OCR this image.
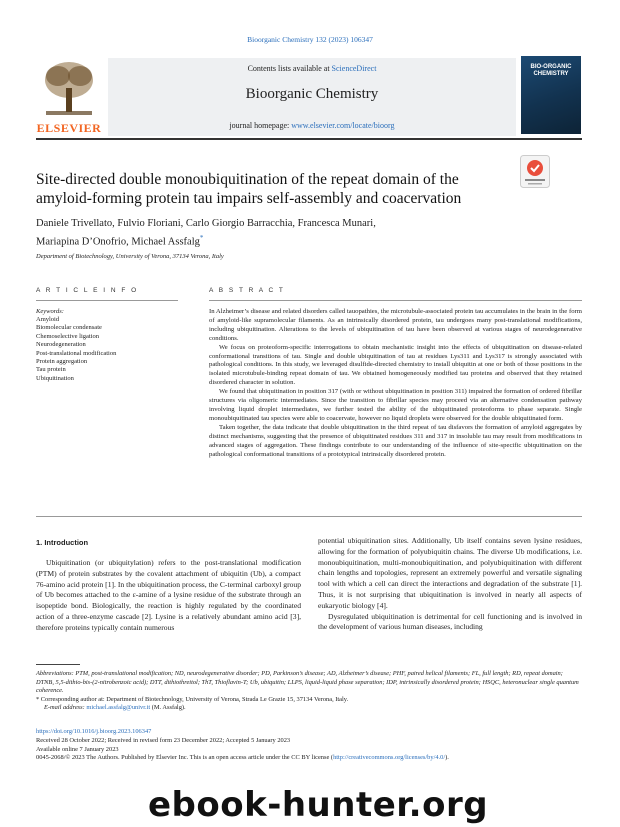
Bioorganic Chemistry 132 (2023) 106347
ELSEVIER
Contents lists available at ScienceDirect
Bioorganic Chemistry
journal homepage: www.elsevier.com/locate/bioorg
BIO-ORGANIC CHEMISTRY
Site-directed double monoubiquitination of the repeat domain of the amyloid-forming protein tau impairs self-assembly and coacervation
Daniele Trivellato, Fulvio Floriani, Carlo Giorgio Barracchia, Francesca Munari,
Mariapina D’Onofrio, Michael Assfalg*
Department of Biotechnology, University of Verona, 37134 Verona, Italy
A R T I C L E I N F O	A B S T R A C T
Keywords:
Amyloid
Biomolecular condensate
Chemoselective ligation
Neurodegeneration
Post-translational modification
Protein aggregation
Tau protein
Ubiquitination

In Alzheimer’s disease and related disorders called tauopathies, the microtubule-associated protein tau accumulates in the brain in the form of amyloid-like supramolecular filaments. As an intrinsically disordered protein, tau undergoes many post-translational modifications, including ubiquitination. Alterations to the levels of ubiquitination of tau have been observed at various stages of neurodegenerative conditions.

We focus on proteoform-specific interrogations to obtain mechanistic insight into the effects of ubiquitination on disease-related conformational transitions of tau. Single and double ubiquitination of tau at residues Lys311 and Lys317 is strongly associated with pathological conditions. In this study, we leveraged disulfide-directed chemistry to install ubiquitin at one or both of those positions in the isolated microtubule-binding repeat domain of tau. We obtained homogeneously modified tau proteins and observed that they retained disordered character in solution.

We found that ubiquitination in position 317 (with or without ubiquitination in position 311) impaired the formation of ordered fibrillar structures via oligomeric intermediates. Since the transition to fibrillar species may proceed via an alternative condensation pathway involving liquid droplet intermediates, we further tested the ability of the ubiquitinated proteoforms to phase separate. Single monoubiquitinated tau species were able to coacervate, however no liquid droplets were observed for the double ubiquitinated form.

Taken together, the data indicate that double ubiquitination in the third repeat of tau disfavors the formation of amyloid aggregates by distinct mechanisms, suggesting that the presence of ubiquitinated residues 311 and 317 in insoluble tau may result from modifications in advanced stages of aggregation. These findings contribute to our understanding of the influence of site-specific ubiquitination on the pathological conformational transitions of a prototypical intrinsically disordered protein.

1. Introduction

Ubiquitination (or ubiquitylation) refers to the post-translational modification (PTM) of protein substrates by the covalent attachment of ubiquitin (Ub), a compact 76-amino acid protein [1]. In the ubiquitination process, the C-terminal carboxyl group of Ub becomes attached to the ε-amine of a lysine residue of the substrate through an isopeptide bond. Biologically, the reaction is highly regulated by the coordinated action of a three-enzyme cascade [2]. Lysine is a relatively abundant amino acid [3], therefore proteins typically contain numerous

potential ubiquitination sites. Additionally, Ub itself contains seven lysine residues, allowing for the formation of polyubiquitin chains. The diverse Ub modifications, i.e. monoubiquitination, multi-monoubiquitination, and polyubiquitination with different chain lengths and topologies, represent an extremely powerful and versatile signaling tool with which a cell can direct the interactions and degradation of the substrate [1]. Thus, it is not surprising that ubiquitination is involved in nearly all aspects of eukaryotic biology [4].

Dysregulated ubiquitination is detrimental for cell functioning and is involved in the development of various human diseases, including

Abbreviations: PTM, post-translational modification; ND, neurodegenerative disorder; PD, Parkinson’s disease; AD, Alzheimer’s disease; PHF, paired helical filaments; FL, full length; RD, repeat domain; DTNB, 5,5-dithio-bis-(2-nitrobenzoic acid); DTT, dithiothreitol; ThT, Thioflavin-T; Ub, ubiquitin; LLPS, liquid-liquid phase separation; IDP, intrinsically disordered protein; HSQC, heteronuclear single quantum coherence.

* Corresponding author at: Department of Biotechnology, University of Verona, Strada Le Grazie 15, 37134 Verona, Italy.

E-mail address: michael.assfalg@univr.it (M. Assfalg).

https://doi.org/10.1016/j.bioorg.2023.106347
Received 28 October 2022; Received in revised form 23 December 2022; Accepted 5 January 2023
Available online 7 January 2023
0045-2068/© 2023 The Authors. Published by Elsevier Inc. This is an open access article under the CC BY license (http://creativecommons.org/licenses/by/4.0/).
ebook-hunter.org
